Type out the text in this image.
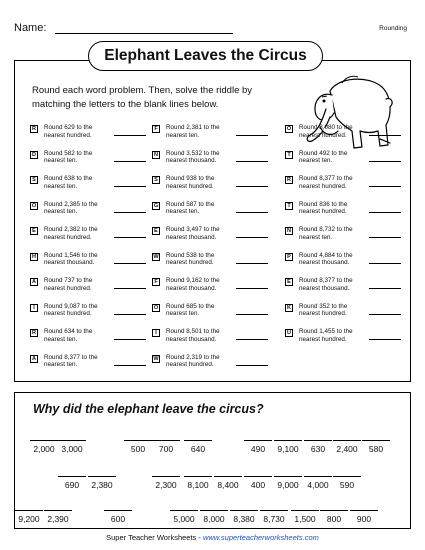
Name:	Rounding
Elephant Leaves the Circus
Round each word problem. Then, solve the riddle by matching the letters to the blank lines below.
R	Round 629 to the nearest hundred.
D	Round 582 to the nearest ten.
S	Round 638 to the nearest ten.
O Round 2,385 to the nearest ten.
E	Round 2,382 to the nearest hundred.
H	Round 1,546 to the nearest thousand.
A	Round 737 to the nearest hundred.
I	Round 9,087 to the nearest hundred.
R	Round 634 to the nearest ten.
A	Round 8,377 to the nearest ten.
F	Round 2,381 to the nearest ten.
N	Round 3,532 to the nearest thousand.
S	Round 938 to the nearest hundred.
G Round 587 to the nearest ten.
E	Round 3,497 to the nearest thousand.
W Round 538 to the nearest hundred.
F	Round 9,162 to the nearest thousand.
O Round 685 to the nearest ten.
I	Round 8,501 to the nearest thousand.
W Round 2,319 to the nearest hundred.
O Round 8,080 to the nearest hundred.
T	Round 492 to the nearest ten.
R	Round 8,377 to the nearest hundred.
T	Round 836 to the nearest hundred.
N	Round 8,732 to the nearest ten.
P	Round 4,884 to the nearest thousand.
E	Round 8,377 to the nearest thousand.
K	Round 352 to the nearest hundred.
U	Round 1,455 to the nearest hundred.
Why did the elephant leave the circus?
2,000 3,000	500	700	640	490	9,100	630	2,400	580
690	2,380	2,300	8,100	8,400	400	9,000	4,000	590
9,200 2,390	600	5,000	8,000	8,380	8,730	1,500	800	900
Super Teacher Worksheets - www.superteacherworksheets.com
